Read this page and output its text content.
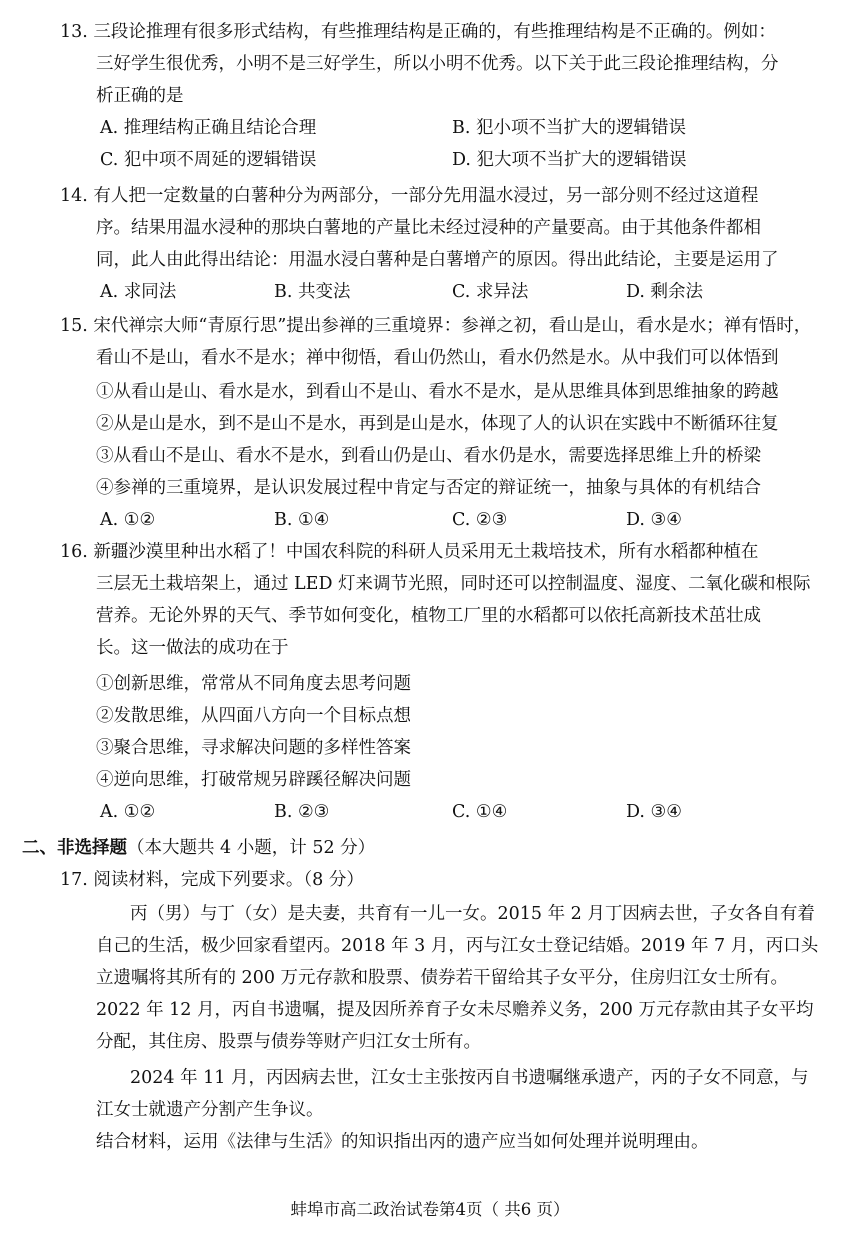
13. 三段论推理有很多形式结构，有些推理结构是正确的，有些推理结构是不正确的。例如：
三好学生很优秀，小明不是三好学生，所以小明不优秀。以下关于此三段论推理结构，分
析正确的是
A. 推理结构正确且结论合理	B. 犯小项不当扩大的逻辑错误
C. 犯中项不周延的逻辑错误	D. 犯大项不当扩大的逻辑错误
14. 有人把一定数量的白薯种分为两部分，一部分先用温水浸过，另一部分则不经过这道程
序。结果用温水浸种的那块白薯地的产量比未经过浸种的产量要高。由于其他条件都相
同，此人由此得出结论：用温水浸白薯种是白薯增产的原因。得出此结论，主要是运用了
A. 求同法	B. 共变法	C. 求异法	D. 剩余法
15. 宋代禅宗大师“青原行思”提出参禅的三重境界：参禅之初，看山是山，看水是水；禅有悟时，
看山不是山，看水不是水；禅中彻悟，看山仍然山，看水仍然是水。从中我们可以体悟到
①从看山是山、看水是水，到看山不是山、看水不是水，是从思维具体到思维抽象的跨越
②从是山是水，到不是山不是水，再到是山是水，体现了人的认识在实践中不断循环往复
③从看山不是山、看水不是水，到看山仍是山、看水仍是水，需要选择思维上升的桥梁
④参禅的三重境界，是认识发展过程中肯定与否定的辩证统一，抽象与具体的有机结合
A. ①②	B. ①④	C. ②③	D. ③④
16. 新疆沙漠里种出水稻了！中国农科院的科研人员采用无土栽培技术，所有水稻都种植在
三层无土栽培架上，通过 LED 灯来调节光照，同时还可以控制温度、湿度、二氧化碳和根际
营养。无论外界的天气、季节如何变化，植物工厂里的水稻都可以依托高新技术茁壮成
长。这一做法的成功在于
①创新思维，常常从不同角度去思考问题
②发散思维，从四面八方向一个目标点想
③聚合思维，寻求解决问题的多样性答案
④逆向思维，打破常规另辟蹊径解决问题
A. ①②	B. ②③	C. ①④	D. ③④
二、非选择题（本大题共 4 小题，计 52 分）
17. 阅读材料，完成下列要求。（8 分）
丙（男）与丁（女）是夫妻，共育有一儿一女。2015 年 2 月丁因病去世，子女各自有着
自己的生活，极少回家看望丙。2018 年 3 月，丙与江女士登记结婚。2019 年 7 月，丙口头
立遗嘱将其所有的 200 万元存款和股票、债券若干留给其子女平分，住房归江女士所有。
2022 年 12 月，丙自书遗嘱，提及因所养育子女未尽赡养义务，200 万元存款由其子女平均
分配，其住房、股票与债券等财产归江女士所有。
2024 年 11 月，丙因病去世，江女士主张按丙自书遗嘱继承遗产，丙的子女不同意，与
江女士就遗产分割产生争议。
结合材料，运用《法律与生活》的知识指出丙的遗产应当如何处理并说明理由。
蚌埠市高二政治试卷第4页（ 共6 页）
